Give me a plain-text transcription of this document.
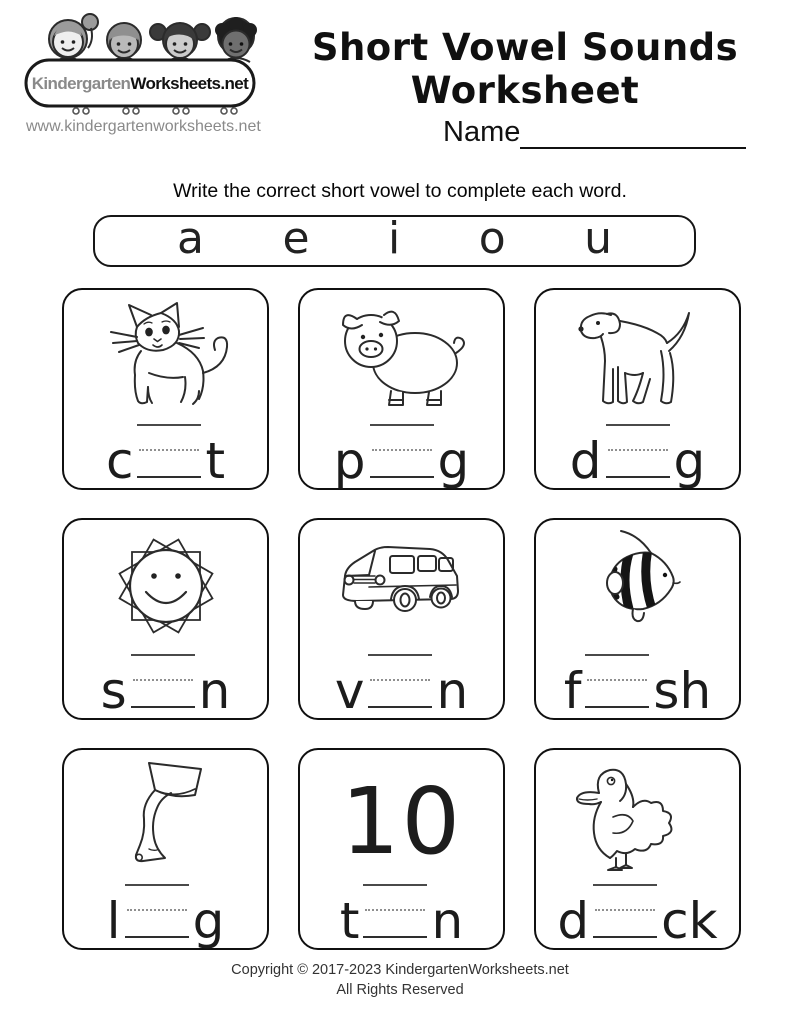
Kindergarten Worksheets.net
www.kindergartenworksheets.net
Short Vowel Sounds Worksheet
Name
Write the correct short vowel to complete each word.
a e i o u
c t p g d g
s n v n f sh
l g
10
t n d ck
Copyright © 2017-2023 KindergartenWorksheets.net
All Rights Reserved
